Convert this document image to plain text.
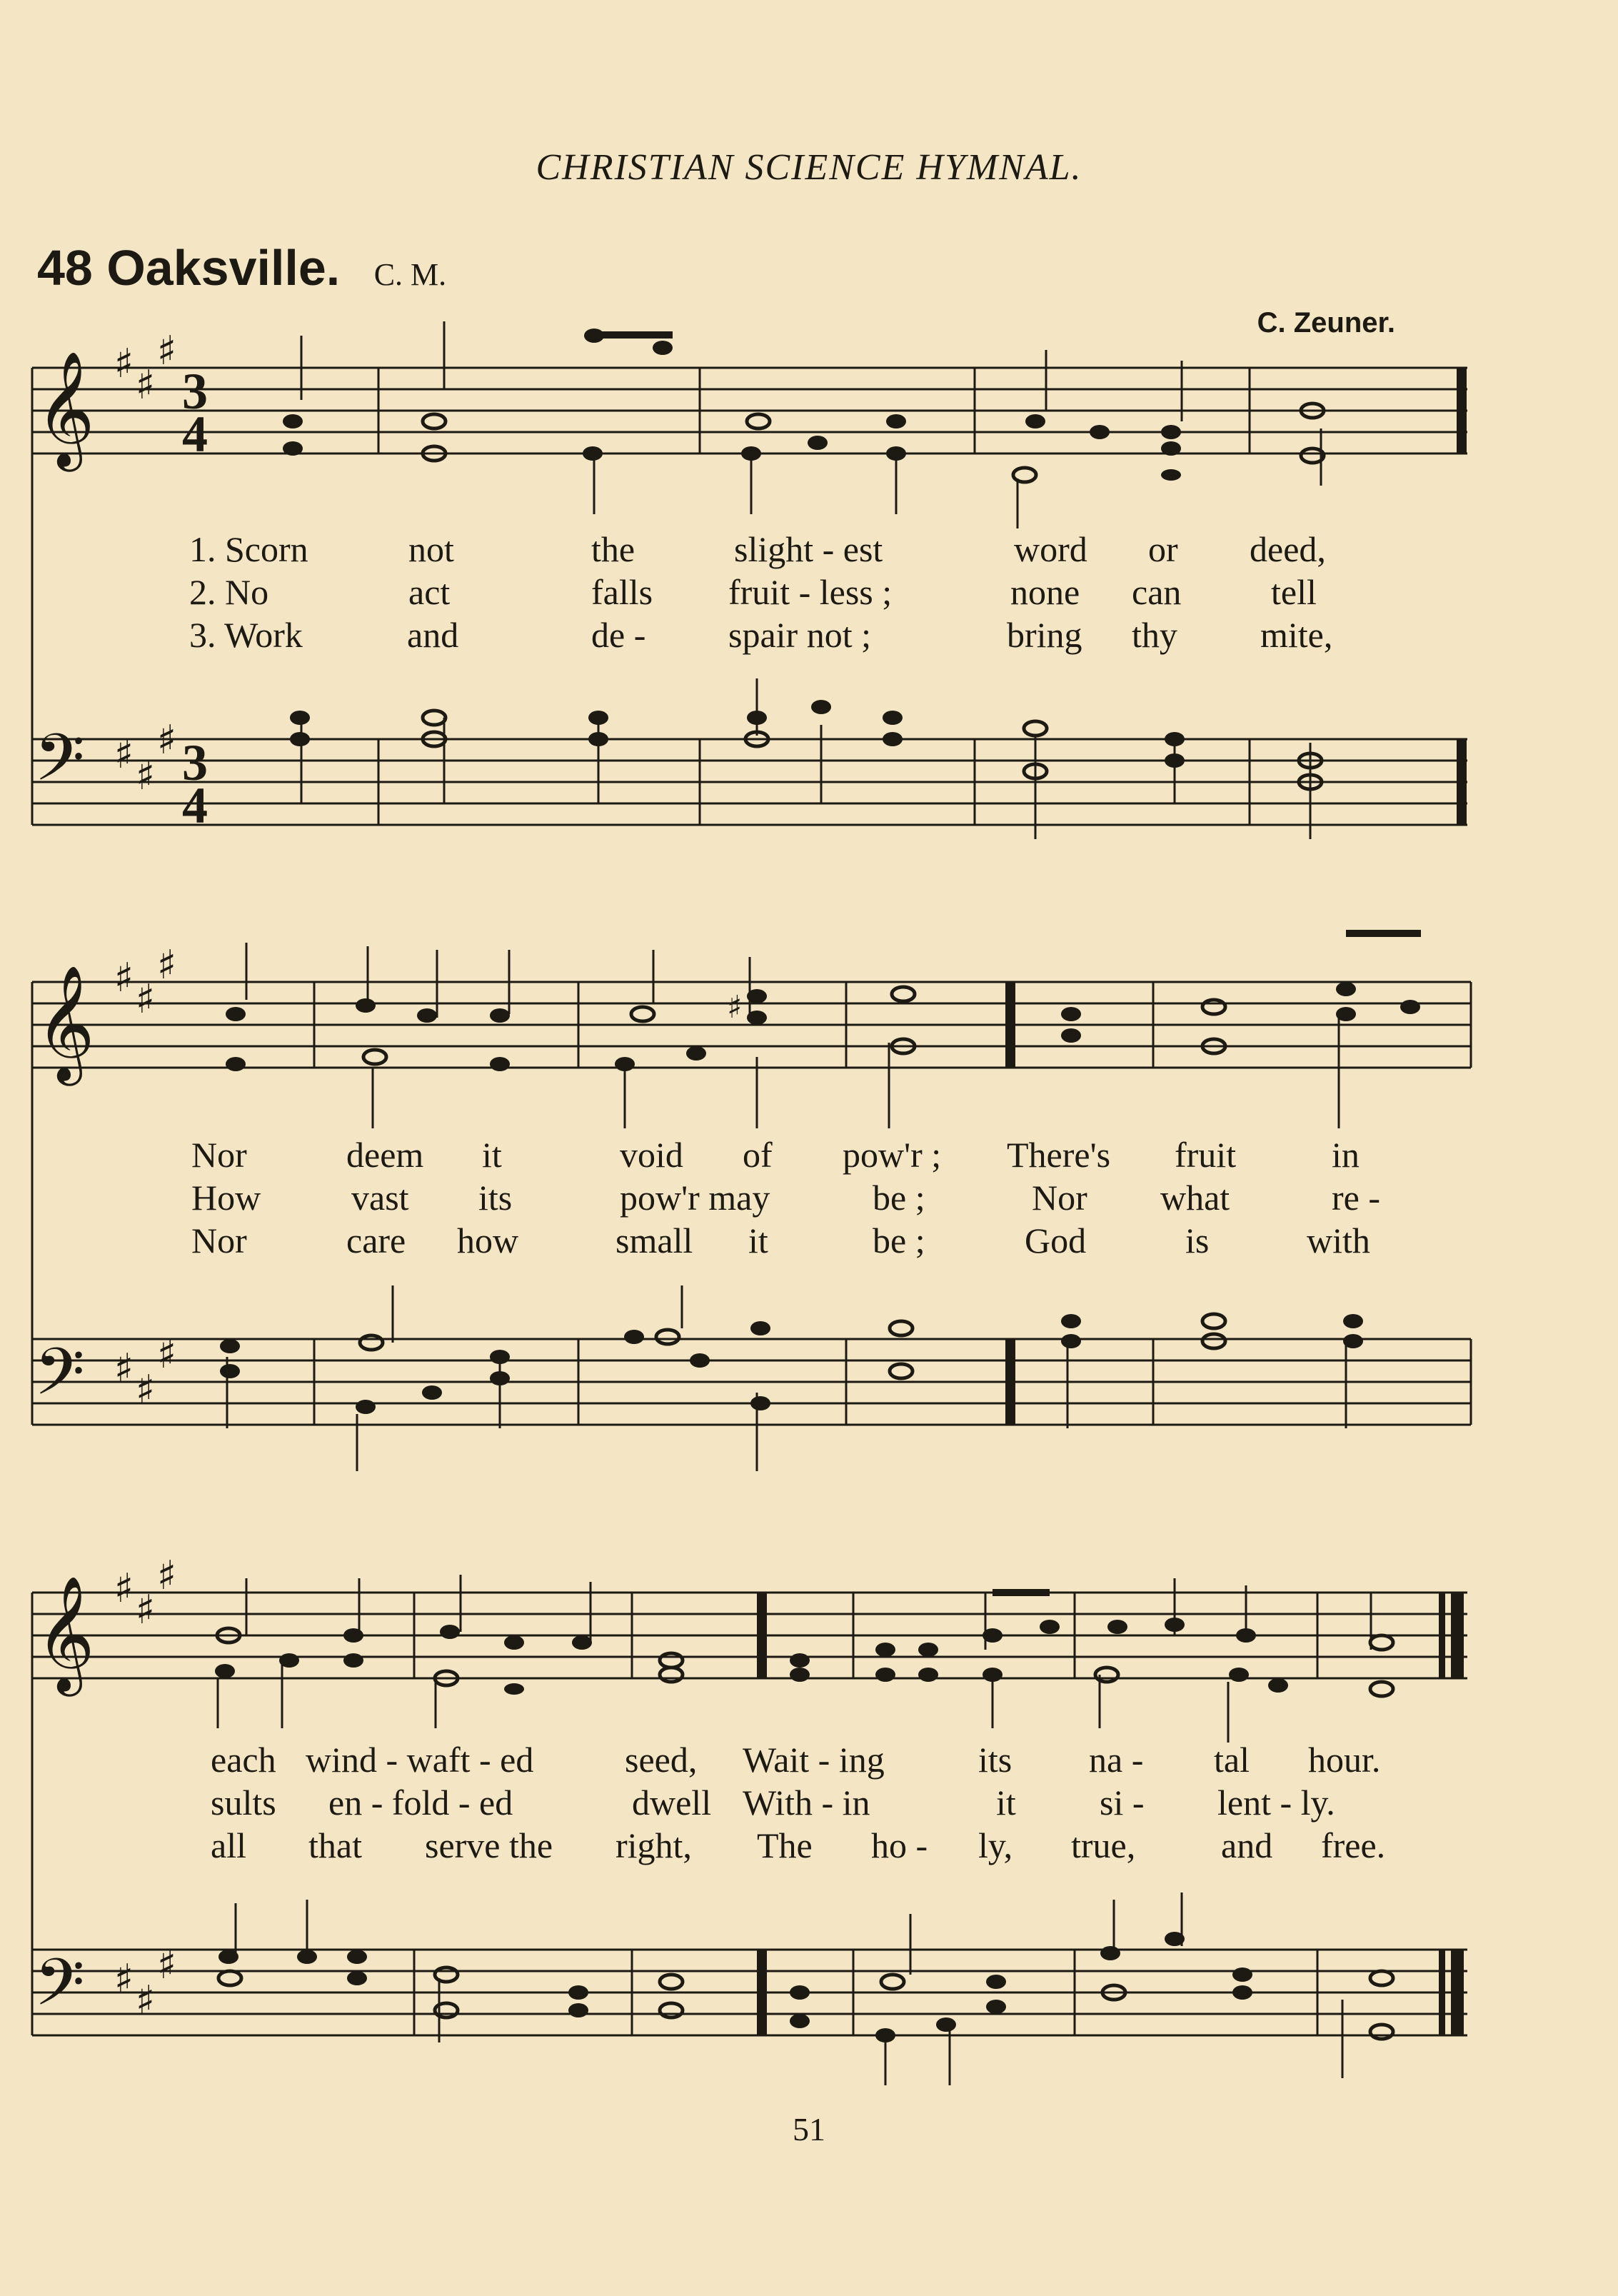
CHRISTIAN SCIENCE HYMNAL.
48 Oaksville. C. M.
C. Zeuner.
𝄞 ♯ ♯
♯
3
4
𝄢 ♯ ♯
♯ 3
4
1. Scorn	not	the	slight - est	word or deed,
2. No	act	falls fruit - less ;	none can	tell
3. Work	and	de - spair not ;	bring thy mite,
𝄞 ♯ ♯
♯
♯
𝄢 ♯ ♯
♯
Nor	deem it	void of pow'r ; There's fruit	in
How	vast its	pow'r may	be ;	Nor what	re -
Nor	care how	small it	be ;	God	is	with
𝄞 ♯ ♯
♯
𝄢 ♯ ♯
♯
each wind - waft - ed	seed, Wait - ing	its na - tal hour.
sults en - fold - ed	dwell With - in	it si - lent - ly.
all that serve the right, The ho - ly, true, and free.
51
